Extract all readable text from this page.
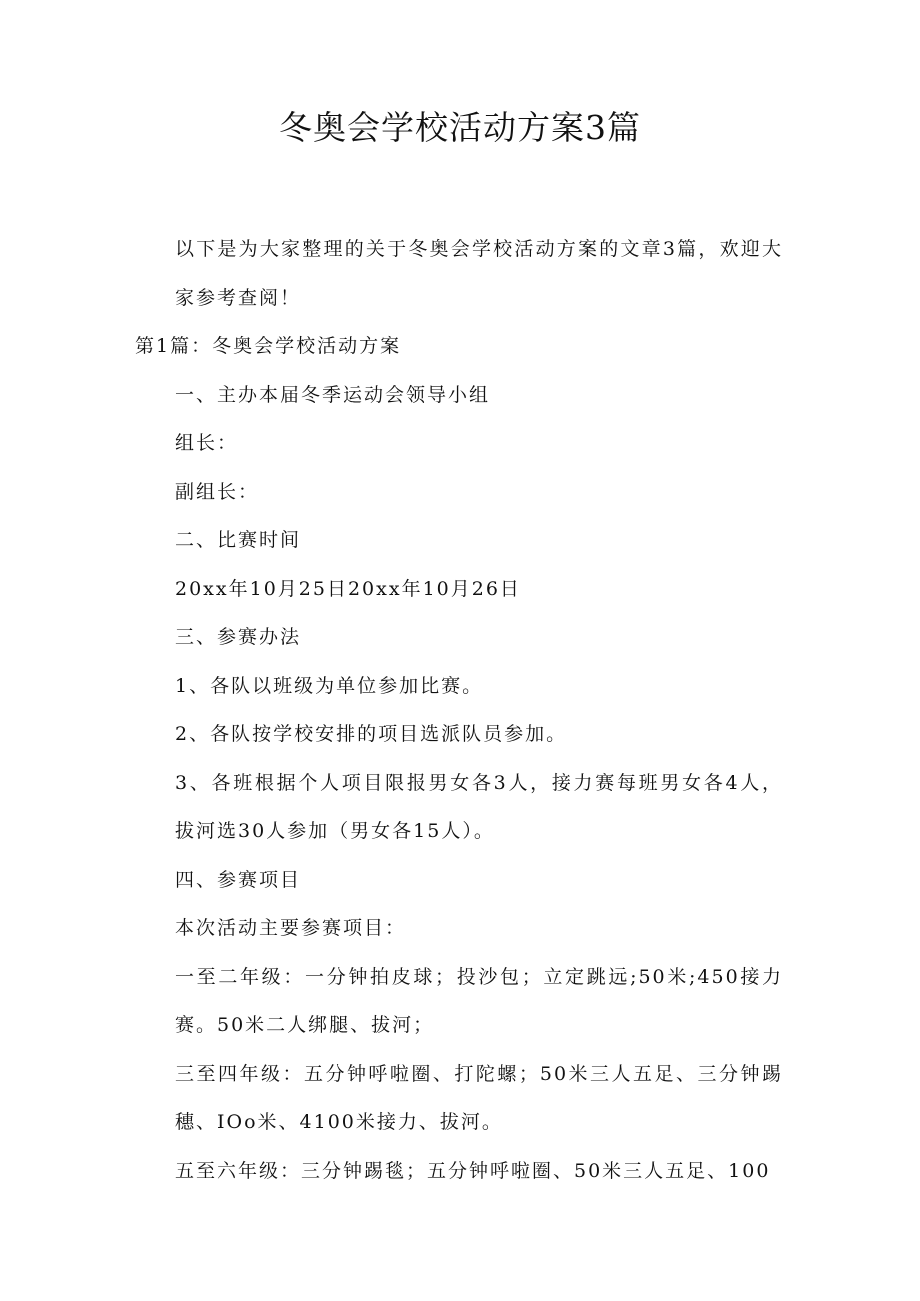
冬奥会学校活动方案3篇

以下是为大家整理的关于冬奥会学校活动方案的文章3篇，欢迎大家参考查阅！

第1篇：冬奥会学校活动方案

一、主办本届冬季运动会领导小组

组长：

副组长：

二、比赛时间

20xx年10月25日20xx年10月26日

三、参赛办法

1、各队以班级为单位参加比赛。

2、各队按学校安排的项目选派队员参加。

3、各班根据个人项目限报男女各3人，接力赛每班男女各4人，拔河选30人参加（男女各15人）。

四、参赛项目

本次活动主要参赛项目：

一至二年级：一分钟拍皮球；投沙包；立定跳远;50米;450接力赛。50米二人绑腿、拔河；

三至四年级：五分钟呼啦圈、打陀螺；50米三人五足、三分钟踢穗、IOo米、4100米接力、拔河。

五至六年级：三分钟踢毯；五分钟呼啦圈、50米三人五足、100
